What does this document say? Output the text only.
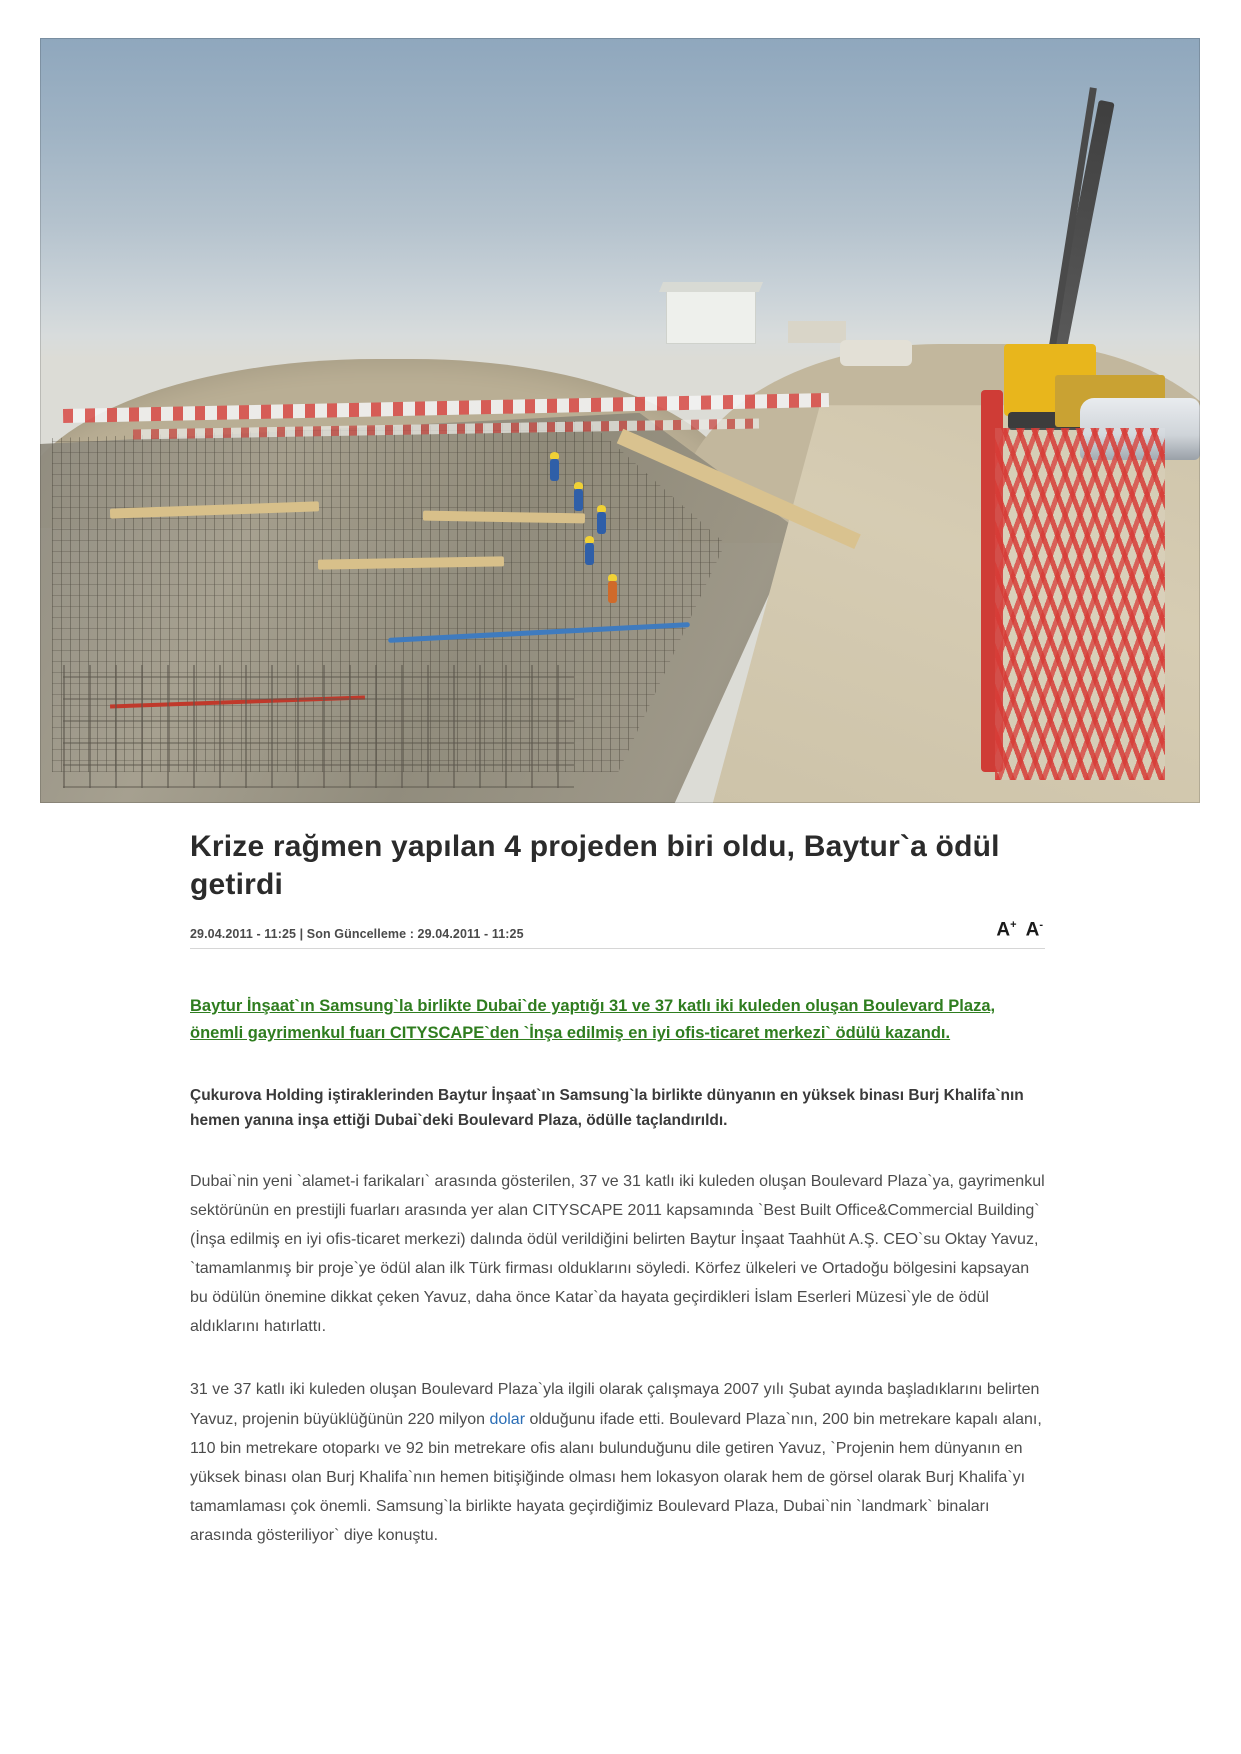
Krize rağmen yapılan 4 projeden biri oldu, Baytur`a ödül getirdi
29.04.2011 - 11:25 | Son Güncelleme : 29.04.2011 - 11:25	A+ A-
Baytur İnşaat`ın Samsung`la birlikte Dubai`de yaptığı 31 ve 37 katlı iki kuleden oluşan Boulevard Plaza, önemli gayrimenkul fuarı CITYSCAPE`den `İnşa edilmiş en iyi ofis-ticaret merkezi` ödülü kazandı.
Çukurova Holding iştiraklerinden Baytur İnşaat`ın Samsung`la birlikte dünyanın en yüksek binası Burj Khalifa`nın hemen yanına inşa ettiği Dubai`deki Boulevard Plaza, ödülle taçlandırıldı.

Dubai`nin yeni `alamet-i farikaları` arasında gösterilen, 37 ve 31 katlı iki kuleden oluşan Boulevard Plaza`ya, gayrimenkul sektörünün en prestijli fuarları arasında yer alan CITYSCAPE 2011 kapsamında `Best Built Office&Commercial Building` (İnşa edilmiş en iyi ofis-ticaret merkezi) dalında ödül verildiğini belirten Baytur İnşaat Taahhüt A.Ş. CEO`su Oktay Yavuz, `tamamlanmış bir proje`ye ödül alan ilk Türk firması olduklarını söyledi. Körfez ülkeleri ve Ortadoğu bölgesini kapsayan bu ödülün önemine dikkat çeken Yavuz, daha önce Katar`da hayata geçirdikleri İslam Eserleri Müzesi`yle de ödül aldıklarını hatırlattı.

31 ve 37 katlı iki kuleden oluşan Boulevard Plaza`yla ilgili olarak çalışmaya 2007 yılı Şubat ayında başladıklarını belirten Yavuz, projenin büyüklüğünün 220 milyon dolar olduğunu ifade etti. Boulevard Plaza`nın, 200 bin metrekare kapalı alanı, 110 bin metrekare otoparkı ve 92 bin metrekare ofis alanı bulunduğunu dile getiren Yavuz, `Projenin hem dünyanın en yüksek binası olan Burj Khalifa`nın hemen bitişiğinde olması hem lokasyon olarak hem de görsel olarak Burj Khalifa`yı tamamlaması çok önemli. Samsung`la birlikte hayata geçirdiğimiz Boulevard Plaza, Dubai`nin `landmark` binaları arasında gösteriliyor` diye konuştu.
